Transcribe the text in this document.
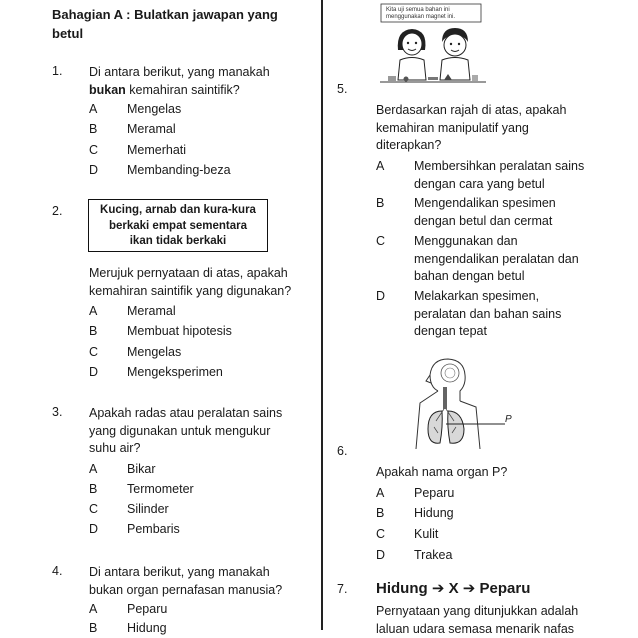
Bahagian A : Bulatkan jawapan yang betul
1.	Di antara berikut, yang manakah
bukan kemahiran saintifik?
A Mengelas
B Meramal
C Memerhati
D Membanding-beza
2.	Kucing, arnab dan kura-kura
berkaki empat sementara
ikan tidak berkaki
Merujuk pernyataan di atas, apakah
kemahiran saintifik yang digunakan?
A Meramal
B Membuat hipotesis
C Mengelas
D Mengeksperimen
3.	Apakah radas atau peralatan sains
yang digunakan untuk mengukur
suhu air?
A Bikar
B Termometer
C Silinder
D Pembaris
4.	Di antara berikut, yang manakah
bukan organ pernafasan manusia?
A Peparu
B Hidung
Kita uji semua bahan ini
menggunakan magnet ini.
5.
Berdasarkan rajah di atas, apakah
kemahiran manipulatif yang
diterapkan?
A Membersihkan peralatan sains
dengan cara yang betul
B Mengendalikan spesimen
dengan betul dan cermat
C Menggunakan dan
mengendalikan peralatan dan
bahan dengan betul
D Melakarkan spesimen,
peralatan dan bahan sains
dengan tepat
P
6.
Apakah nama organ P?
A Peparu
B Hidung
C Kulit
D Trakea
7.	Hidung ➔ X ➔ Peparu
Pernyataan yang ditunjukkan adalah
laluan udara semasa menarik nafas
